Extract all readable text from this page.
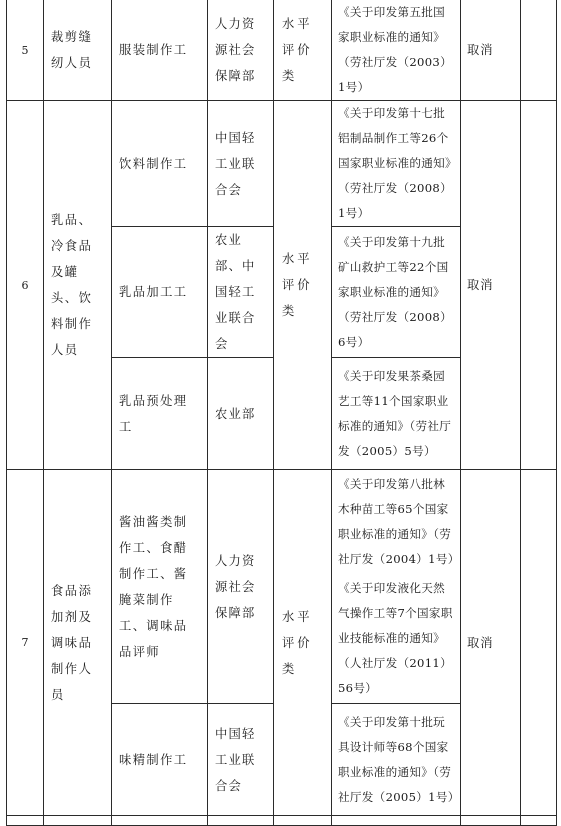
5	裁剪缝纫人员	服装制作工	人力资源社会保障部	水平评价类	《关于印发第五批国家职业标准的通知》（劳社厅发（2003）1号）	取消	

6	乳品、冷食品及罐头、饮料制作人员	饮料制作工	中国轻工业联合会	水平评价类	《关于印发第十七批铝制品制作工等26个国家职业标准的通知》（劳社厅发（2008）1号）	取消	

		乳品加工工	农业部、中国轻工业联合会		《关于印发第十九批矿山救护工等22个国家职业标准的通知》（劳社厅发（2008）6号）		

		乳品预处理工	农业部		《关于印发果茶桑园艺工等11个国家职业标准的通知》（劳社厅发（2005）5号）		

7	食品添加剂及调味品制作人员	酱油酱类制作工、食醋制作工、酱腌菜制作工、调味品品评师	人力资源社会保障部	水平评价类	《关于印发第八批林木种苗工等65个国家职业标准的通知》（劳社厅发（2004）1号）
《关于印发液化天然气操作工等7个国家职业技能标准的通知》（人社厅发（2011）56号）	取消	

		味精制作工	中国轻工业联合会		《关于印发第十批玩具设计师等68个国家职业标准的通知》（劳社厅发（2005）1号）		
